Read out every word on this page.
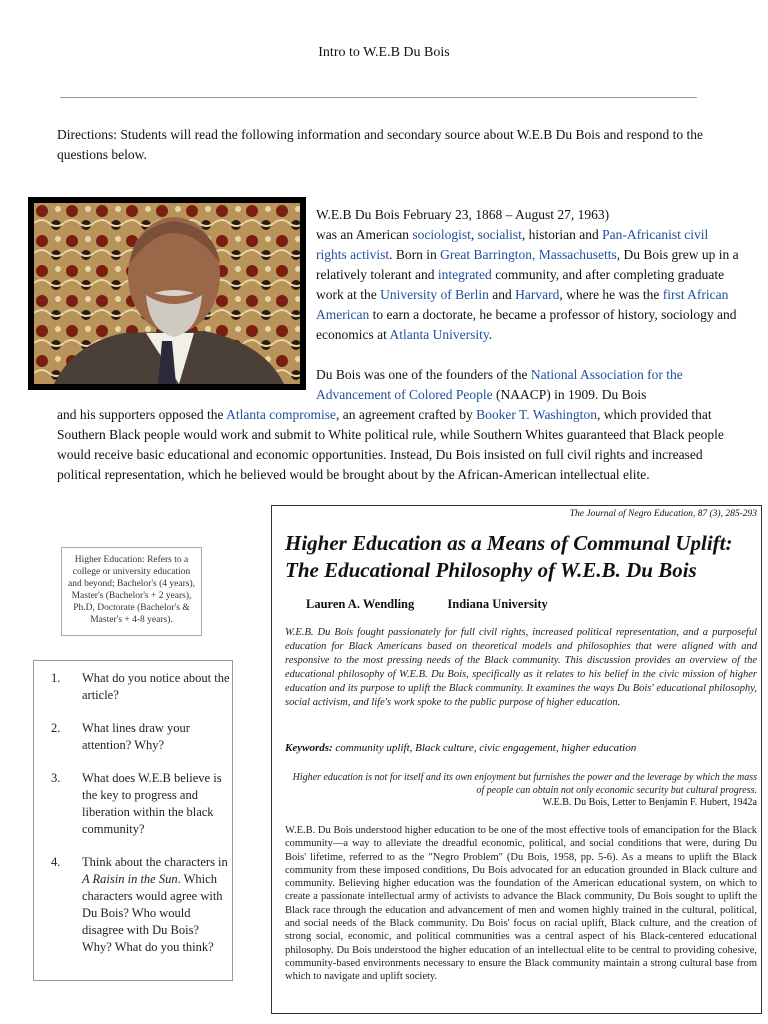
Intro to W.E.B Du Bois
Directions: Students will read the following information and secondary source about W.E.B Du Bois and respond to the questions below.
W.E.B Du Bois February 23, 1868 – August 27, 1963)
was an American sociologist, socialist, historian and Pan-Africanist civil rights activist. Born in Great Barrington, Massachusetts, Du Bois grew up in a relatively tolerant and integrated community, and after completing graduate work at the University of Berlin and Harvard, where he was the first African American to earn a doctorate, he became a professor of history, sociology and economics at Atlanta University.
Du Bois was one of the founders of the National Association for the Advancement of Colored People (NAACP) in 1909. Du Bois
and his supporters opposed the Atlanta compromise, an agreement crafted by Booker T. Washington, which provided that Southern Black people would work and submit to White political rule, while Southern Whites guaranteed that Black people would receive basic educational and economic opportunities. Instead, Du Bois insisted on full civil rights and increased political representation, which he believed would be brought about by the African-American intellectual elite.
Higher Education: Refers to a college or university education and beyond; Bachelor's (4 years), Master's (Bachelor's + 2 years), Ph.D, Doctorate (Bachelor's & Master's + 4-8 years).
1. What do you notice about the article?
2. What lines draw your attention? Why?
3. What does W.E.B believe is the key to progress and liberation within the black community?
4. Think about the characters in A Raisin in the Sun. Which characters would agree with Du Bois? Who would disagree with Du Bois? Why? What do you think?
The Journal of Negro Education, 87 (3), 285-293
Higher Education as a Means of Communal Uplift: The Educational Philosophy of W.E.B. Du Bois
Lauren A. Wendling	Indiana University
W.E.B. Du Bois fought passionately for full civil rights, increased political representation, and a purposeful education for Black Americans based on theoretical models and philosophies that were aligned with and responsive to the most pressing needs of the Black community. This discussion provides an overview of the educational philosophy of W.E.B. Du Bois, specifically as it relates to his belief in the civic mission of higher education and its purpose to uplift the Black community. It examines the ways Du Bois' educational philosophy, social activism, and life's work spoke to the public purpose of higher education.
Keywords: community uplift, Black culture, civic engagement, higher education
Higher education is not for itself and its own enjoyment but furnishes the power and the leverage by which the mass of people can obtain not only economic security but cultural progress.
W.E.B. Du Bois, Letter to Benjamin F. Hubert, 1942a
W.E.B. Du Bois understood higher education to be one of the most effective tools of emancipation for the Black community—a way to alleviate the dreadful economic, political, and social conditions that were, during Du Bois' lifetime, referred to as the "Negro Problem" (Du Bois, 1958, pp. 5-6). As a means to uplift the Black community from these imposed conditions, Du Bois advocated for an education grounded in Black culture and community. Believing higher education was the foundation of the American educational system, on which to create a passionate intellectual army of activists to advance the Black community, Du Bois sought to uplift the Black race through the education and advancement of men and women highly trained in the cultural, political, and social needs of the Black community. Du Bois' focus on racial uplift, Black culture, and the creation of strong social, economic, and political communities was a central aspect of his Black-centered educational philosophy. Du Bois understood the higher education of an intellectual elite to be central to providing cohesive, community-based environments necessary to ensure the Black community maintain a strong cultural base from which to navigate and uplift society.
